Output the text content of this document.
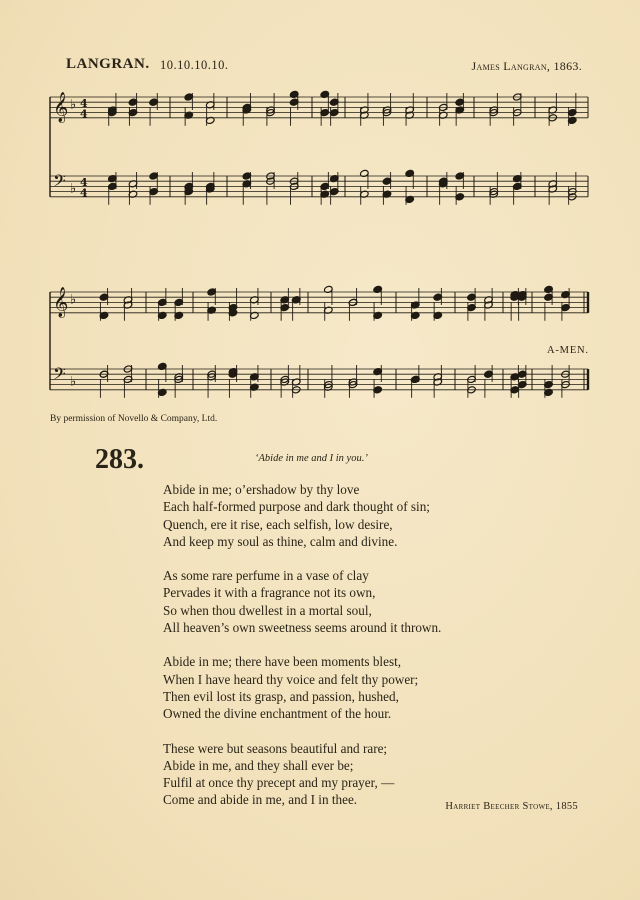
LANGRAN. 10.10.10.10.	James Langran, 1863.
𝄞 ♭ 4
4
𝄢 ♭ 4
4
𝄞 ♭
𝄢 ♭
A-MEN.
By permission of Novello & Company, Ltd.
283.	‘Abide in me and I in you.’
Abide in me; o’ershadow by thy love
Each half-formed purpose and dark thought of sin;
Quench, ere it rise, each selfish, low desire,
And keep my soul as thine, calm and divine.
As some rare perfume in a vase of clay
Pervades it with a fragrance not its own,
So when thou dwellest in a mortal soul,
All heaven’s own sweetness seems around it thrown.
Abide in me; there have been moments blest,
When I have heard thy voice and felt thy power;
Then evil lost its grasp, and passion, hushed,
Owned the divine enchantment of the hour.
These were but seasons beautiful and rare;
Abide in me, and they shall ever be;
Fulfil at once thy precept and my prayer, —
Come and abide in me, and I in thee.	Harriet Beecher Stowe, 1855
